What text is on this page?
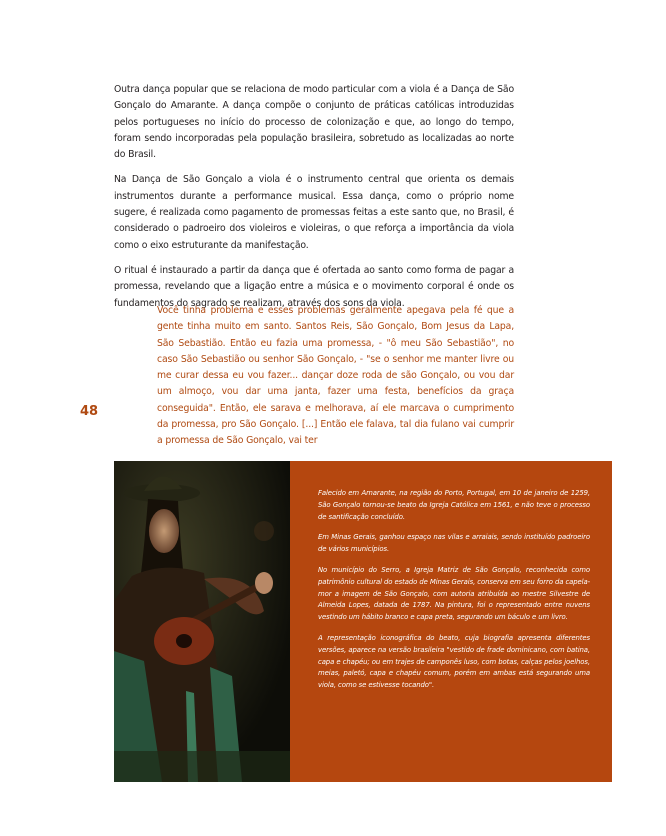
Outra dança popular que se relaciona de modo particular com a viola é a Dança de São Gonçalo do Amarante. A dança compõe o conjunto de práticas católicas introduzidas pelos portugueses no início do processo de colonização e que, ao longo do tempo, foram sendo incorporadas pela população brasileira, sobretudo as localizadas ao norte do Brasil.

Na Dança de São Gonçalo a viola é o instrumento central que orienta os demais instrumentos durante a performance musical. Essa dança, como o próprio nome sugere, é realizada como pagamento de promessas feitas a este santo que, no Brasil, é considerado o padroeiro dos violeiros e violeiras, o que reforça a importância da viola como o eixo estruturante da manifestação.

O ritual é instaurado a partir da dança que é ofertada ao santo como forma de pagar a promessa, revelando que a ligação entre a música e o movimento corporal é onde os fundamentos do sagrado se realizam, através dos sons da viola.

Você tinha problema e esses problemas geralmente apegava pela fé que a gente tinha muito em santo. Santos Reis, São Gonçalo, Bom Jesus da Lapa, São Sebastião. Então eu fazia uma promessa, - "ô meu São Sebastião", no caso São Sebastião ou senhor São Gonçalo, - "se o senhor me manter livre ou me curar dessa eu vou fazer... dançar doze roda de são Gonçalo, ou vou dar um almoço, vou dar uma janta, fazer uma festa, benefícios da graça conseguida". Então, ele sarava e melhorava, aí ele marcava o cumprimento da promessa, pro São Gonçalo. [...] Então ele falava, tal dia fulano vai cumprir a promessa de São Gonçalo, vai ter

48

Falecido em Amarante, na região do Porto, Portugal, em 10 de janeiro de 1259, São Gonçalo tornou-se beato da Igreja Católica em 1561, e não teve o processo de santificação concluído.

Em Minas Gerais, ganhou espaço nas vilas e arraiais, sendo instituído padroeiro de vários municípios.

No município do Serro, a Igreja Matriz de São Gonçalo, reconhecida como patrimônio cultural do estado de Minas Gerais, conserva em seu forro da capela-mor a imagem de São Gonçalo, com autoria atribuída ao mestre Silvestre de Almeida Lopes, datada de 1787. Na pintura, foi o representado entre nuvens vestindo um hábito branco e capa preta, segurando um báculo e um livro.

A representação iconográfica do beato, cuja biografia apresenta diferentes versões, aparece na versão brasileira "vestido de frade dominicano, com batina, capa e chapéu; ou em trajes de camponês luso, com botas, calças pelos joelhos, meias, paletó, capa e chapéu comum, porém em ambas está segurando uma viola, como se estivesse tocando".
